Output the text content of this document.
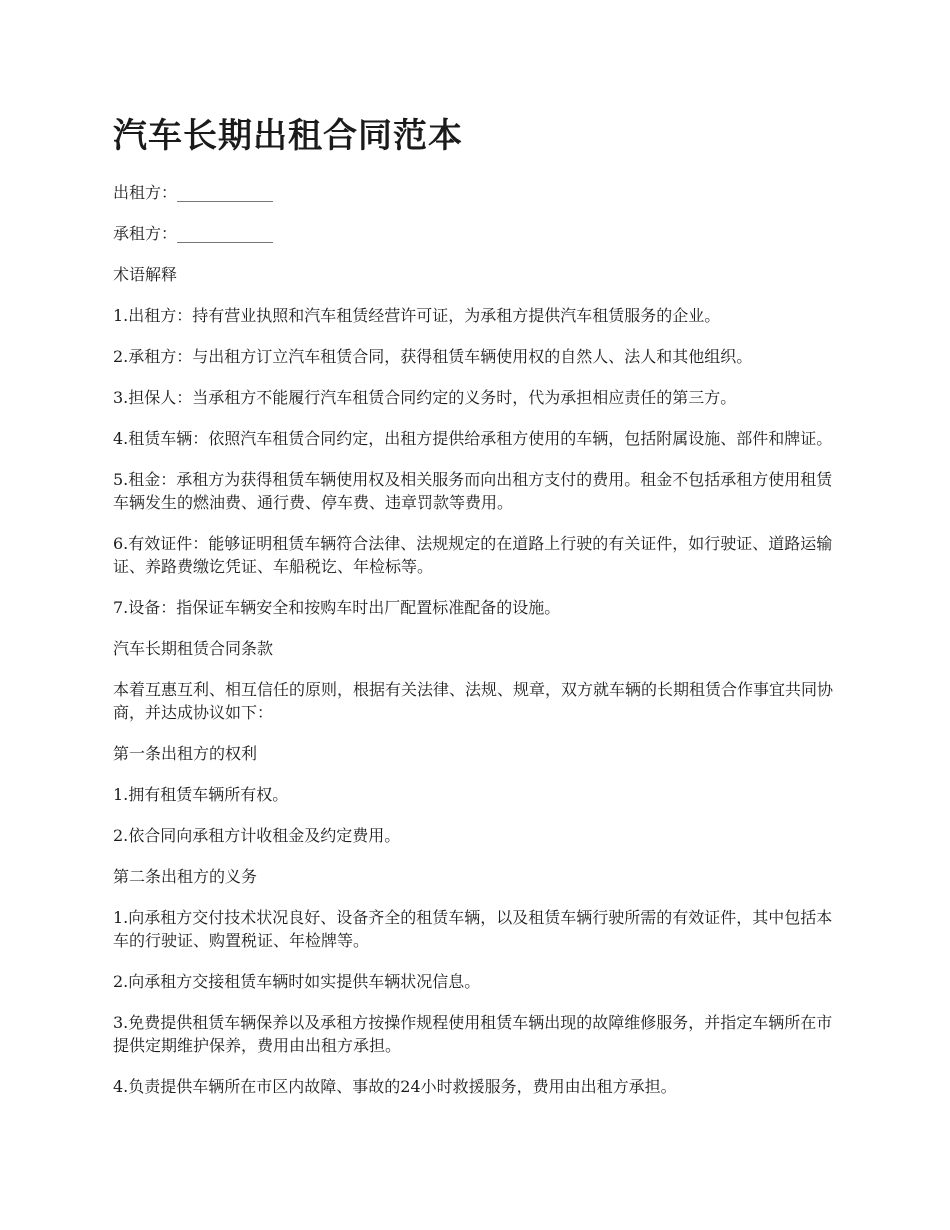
汽车长期出租合同范本

出租方：____________

承租方：____________

术语解释

1.出租方：持有营业执照和汽车租赁经营许可证，为承租方提供汽车租赁服务的企业。

2.承租方：与出租方订立汽车租赁合同，获得租赁车辆使用权的自然人、法人和其他组织。

3.担保人：当承租方不能履行汽车租赁合同约定的义务时，代为承担相应责任的第三方。

4.租赁车辆：依照汽车租赁合同约定，出租方提供给承租方使用的车辆，包括附属设施、部件和牌证。

5.租金：承租方为获得租赁车辆使用权及相关服务而向出租方支付的费用。租金不包括承租方使用租赁车辆发生的燃油费、通行费、停车费、违章罚款等费用。

6.有效证件：能够证明租赁车辆符合法律、法规规定的在道路上行驶的有关证件，如行驶证、道路运输证、养路费缴讫凭证、车船税讫、年检标等。

7.设备：指保证车辆安全和按购车时出厂配置标准配备的设施。

汽车长期租赁合同条款

本着互惠互利、相互信任的原则，根据有关法律、法规、规章，双方就车辆的长期租赁合作事宜共同协商，并达成协议如下：

第一条出租方的权利

1.拥有租赁车辆所有权。

2.依合同向承租方计收租金及约定费用。

第二条出租方的义务

1.向承租方交付技术状况良好、设备齐全的租赁车辆，以及租赁车辆行驶所需的有效证件，其中包括本车的行驶证、购置税证、年检牌等。

2.向承租方交接租赁车辆时如实提供车辆状况信息。

3.免费提供租赁车辆保养以及承租方按操作规程使用租赁车辆出现的故障维修服务，并指定车辆所在市提供定期维护保养，费用由出租方承担。

4.负责提供车辆所在市区内故障、事故的24小时救援服务，费用由出租方承担。
